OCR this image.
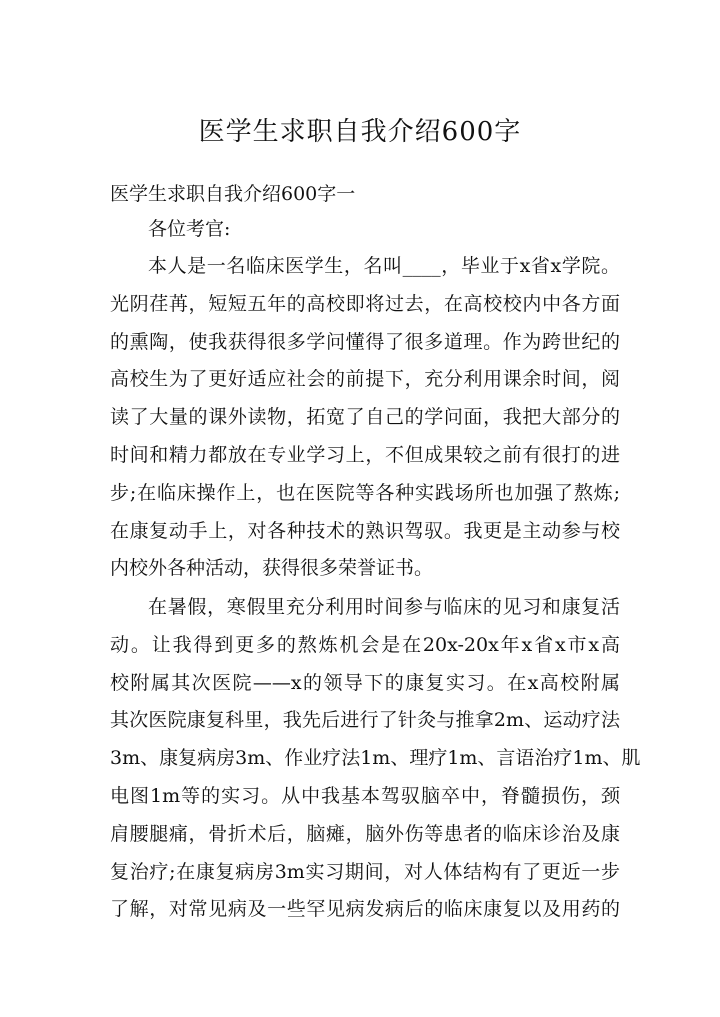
医学生求职自我介绍600字
医学生求职自我介绍600字一
各位考官:
本人是一名临床医学生，名叫____，毕业于x省x学院。
光阴荏苒，短短五年的高校即将过去，在高校校内中各方面
的熏陶，使我获得很多学问懂得了很多道理。作为跨世纪的
高校生为了更好适应社会的前提下，充分利用课余时间，阅
读了大量的课外读物，拓宽了自己的学问面，我把大部分的
时间和精力都放在专业学习上，不但成果较之前有很打的进
步;在临床操作上，也在医院等各种实践场所也加强了熬炼;
在康复动手上，对各种技术的熟识驾驭。我更是主动参与校
内校外各种活动，获得很多荣誉证书。
在暑假，寒假里充分利用时间参与临床的见习和康复活
动。让我得到更多的熬炼机会是在20x-20x年x省x市x高
校附属其次医院——x的领导下的康复实习。在x高校附属
其次医院康复科里，我先后进行了针灸与推拿2m、运动疗法
3m、康复病房3m、作业疗法1m、理疗1m、言语治疗1m、肌
电图1m等的实习。从中我基本驾驭脑卒中，脊髓损伤，颈
肩腰腿痛，骨折术后，脑瘫，脑外伤等患者的临床诊治及康
复治疗;在康复病房3m实习期间，对人体结构有了更近一步
了解，对常见病及一些罕见病发病后的临床康复以及用药的
